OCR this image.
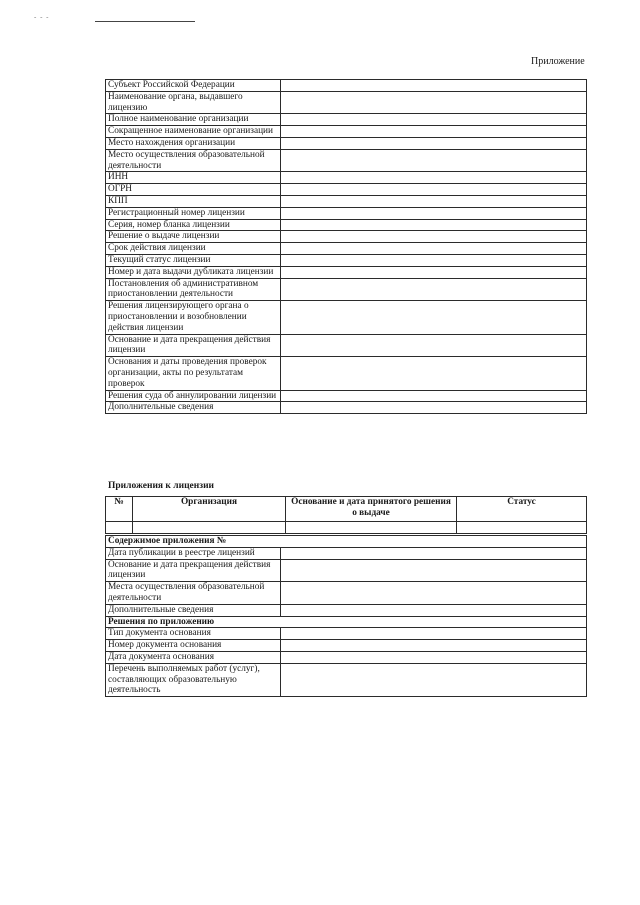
- - -
Приложение
Субъект Российской Федерации	
Наименование органа, выдавшего лицензию	
Полное наименование организации	
Сокращенное наименование организации	
Место нахождения организации	
Место осуществления образовательной деятельности	
ИНН	
ОГРН	
КПП	
Регистрационный номер лицензии	
Серия, номер бланка лицензии	
Решение о выдаче лицензии	
Срок действия лицензии	
Текущий статус лицензии	
Номер и дата выдачи дубликата лицензии	
Постановления об административном приостановлении деятельности	
Решения лицензирующего органа о приостановлении и возобновлении действия лицензии	
Основание и дата прекращения действия лицензии	
Основания и даты проведения проверок организации, акты по результатам проверок	
Решения суда об аннулировании лицензии	
Дополнительные сведения	
Приложения к лицензии
№	Организация	Основание и дата принятого решения о выдаче	Статус

Содержимое приложения №	
Дата публикации в реестре лицензий	
Основание и дата прекращения действия лицензии	
Места осуществления образовательной деятельности	
Дополнительные сведения	
Решения по приложению	
Тип документа основания	
Номер документа основания	
Дата документа основания	
Перечень выполняемых работ (услуг), составляющих образовательную деятельность	
